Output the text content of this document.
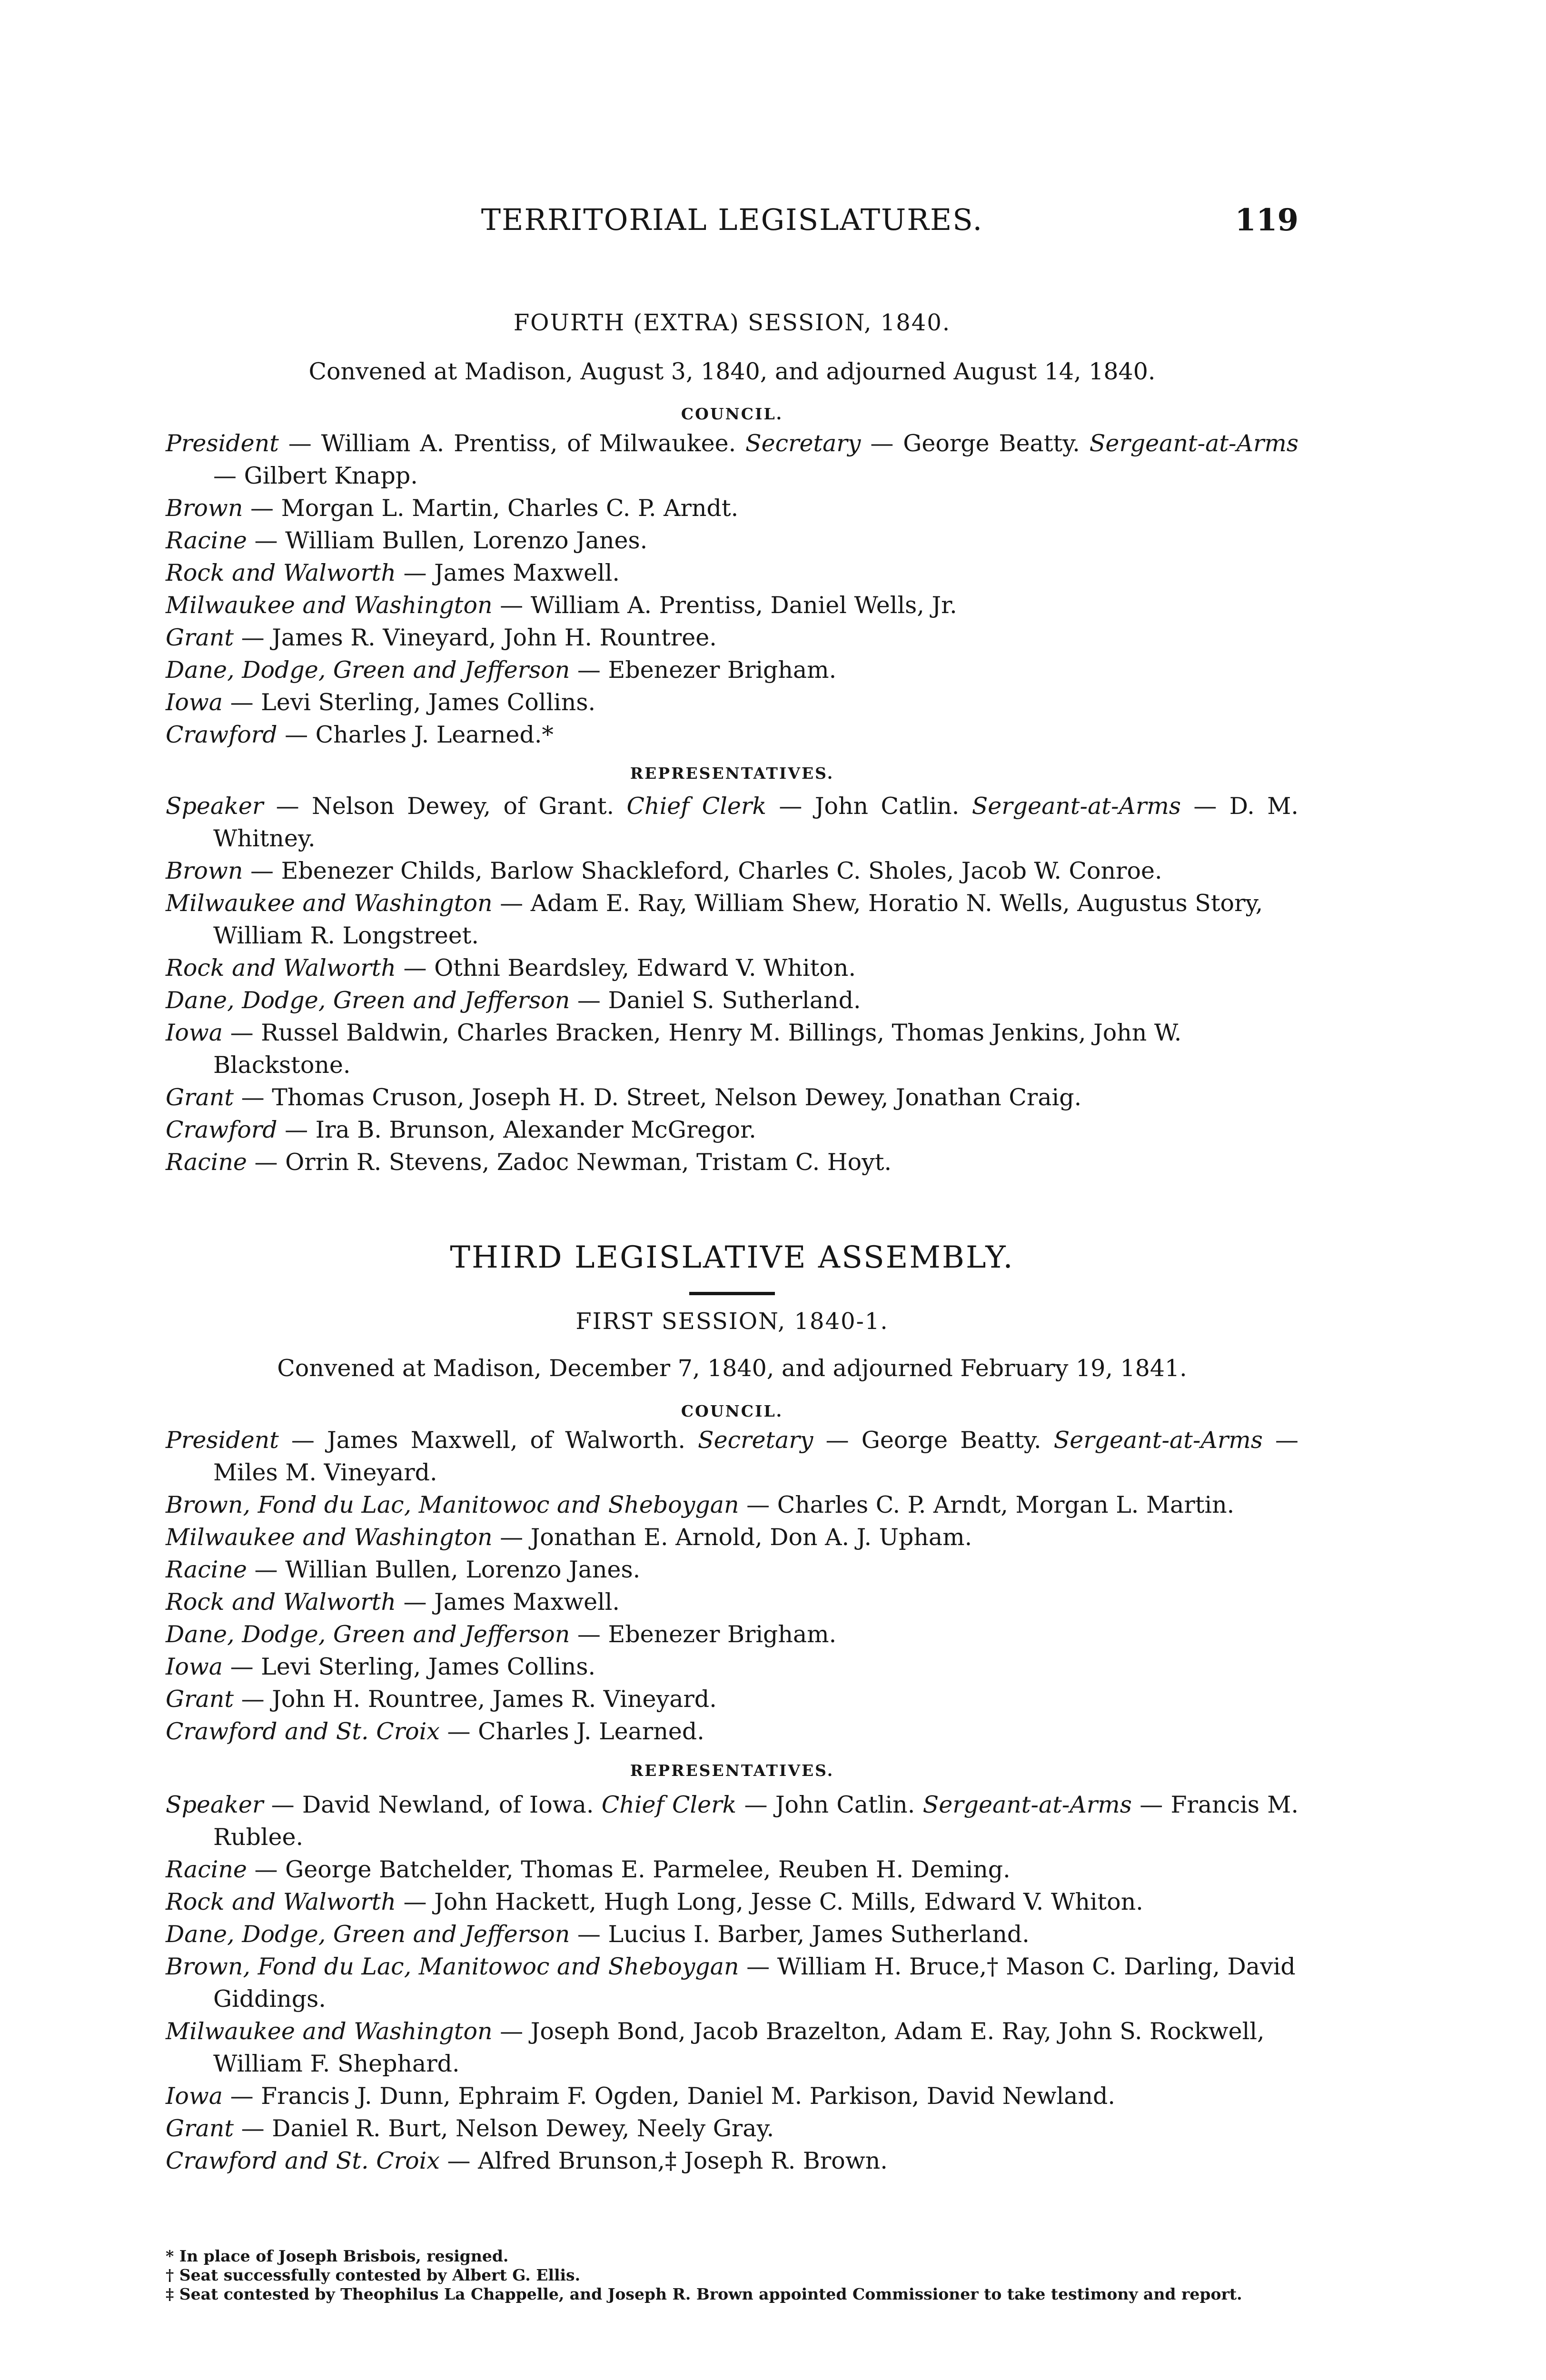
TERRITORIAL LEGISLATURES.	119
FOURTH (EXTRA) SESSION, 1840.
Convened at Madison, August 3, 1840, and adjourned August 14, 1840.
COUNCIL.
President — William A. Prentiss, of Milwaukee. Secretary — George Beatty. Sergeant-at-Arms — Gilbert Knapp.
Brown — Morgan L. Martin, Charles C. P. Arndt.
Racine — William Bullen, Lorenzo Janes.
Rock and Walworth — James Maxwell.
Milwaukee and Washington — William A. Prentiss, Daniel Wells, Jr.
Grant — James R. Vineyard, John H. Rountree.
Dane, Dodge, Green and Jefferson — Ebenezer Brigham.
Iowa — Levi Sterling, James Collins.
Crawford — Charles J. Learned.*
REPRESENTATIVES.
Speaker — Nelson Dewey, of Grant. Chief Clerk — John Catlin. Sergeant-at-Arms — D. M. Whitney.
Brown — Ebenezer Childs, Barlow Shackleford, Charles C. Sholes, Jacob W. Conroe.
Milwaukee and Washington — Adam E. Ray, William Shew, Horatio N. Wells, Augustus Story, William R. Longstreet.
Rock and Walworth — Othni Beardsley, Edward V. Whiton.
Dane, Dodge, Green and Jefferson — Daniel S. Sutherland.
Iowa — Russel Baldwin, Charles Bracken, Henry M. Billings, Thomas Jenkins, John W. Blackstone.
Grant — Thomas Cruson, Joseph H. D. Street, Nelson Dewey, Jonathan Craig.
Crawford — Ira B. Brunson, Alexander McGregor.
Racine — Orrin R. Stevens, Zadoc Newman, Tristam C. Hoyt.
THIRD LEGISLATIVE ASSEMBLY.
FIRST SESSION, 1840-1.
Convened at Madison, December 7, 1840, and adjourned February 19, 1841.
COUNCIL.
President — James Maxwell, of Walworth. Secretary — George Beatty. Sergeant-at-Arms — Miles M. Vineyard.
Brown, Fond du Lac, Manitowoc and Sheboygan — Charles C. P. Arndt, Morgan L. Martin.
Milwaukee and Washington — Jonathan E. Arnold, Don A. J. Upham.
Racine — Willian Bullen, Lorenzo Janes.
Rock and Walworth — James Maxwell.
Dane, Dodge, Green and Jefferson — Ebenezer Brigham.
Iowa — Levi Sterling, James Collins.
Grant — John H. Rountree, James R. Vineyard.
Crawford and St. Croix — Charles J. Learned.
REPRESENTATIVES.
Speaker — David Newland, of Iowa. Chief Clerk — John Catlin. Sergeant-at-Arms — Francis M. Rublee.
Racine — George Batchelder, Thomas E. Parmelee, Reuben H. Deming.
Rock and Walworth — John Hackett, Hugh Long, Jesse C. Mills, Edward V. Whiton.
Dane, Dodge, Green and Jefferson — Lucius I. Barber, James Sutherland.
Brown, Fond du Lac, Manitowoc and Sheboygan — William H. Bruce,† Mason C. Darling, David Giddings.
Milwaukee and Washington — Joseph Bond, Jacob Brazelton, Adam E. Ray, John S. Rockwell, William F. Shephard.
Iowa — Francis J. Dunn, Ephraim F. Ogden, Daniel M. Parkison, David Newland.
Grant — Daniel R. Burt, Nelson Dewey, Neely Gray.
Crawford and St. Croix — Alfred Brunson,‡ Joseph R. Brown.
* In place of Joseph Brisbois, resigned.
† Seat successfully contested by Albert G. Ellis.
‡ Seat contested by Theophilus La Chappelle, and Joseph R. Brown appointed Commissioner to take testimony and report.
